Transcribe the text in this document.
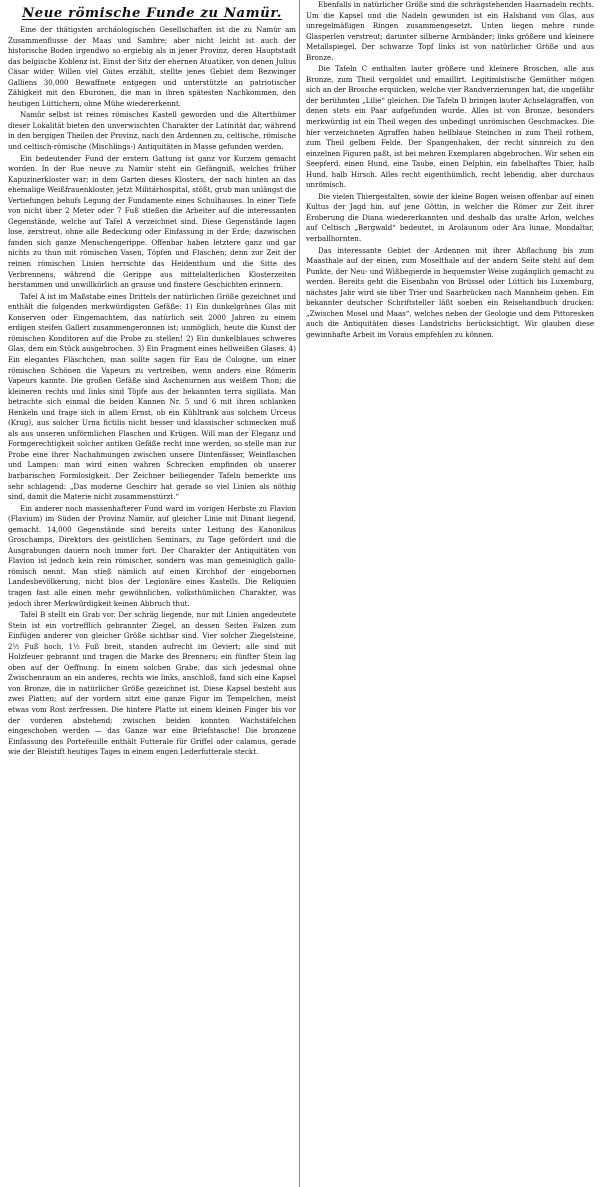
Neue römische Funde zu Namür.

Eine der thätigsten archäologischen Gesellschaften ist die zu Namür am Zusammenflusse der Maas und Sambre; aber nicht leicht ist auch der historische Boden irgendwo so ergiebig als in jener Provinz, deren Hauptstadt das belgische Koblenz ist. Einst der Sitz der ehernen Atuatiker, von denen Julius Cäsar wider Willen viel Gutes erzählt, stellte jenes Gebiet dem Bezwinger Galliens 30,000 Bewaffnete entgegen und unterstützte an patriotischer Zähigkeit mit den Eburonen, die man in ihren spätesten Nachkommen, den heutigen Lüttichern, ohne Mühe wiedererkennt.

Namür selbst ist reines römisches Kastell geworden und die Alterthümer dieser Lokalität bieten den unverwischten Charakter der Latinität dar, während in den bergigen Theilen der Provinz, nach den Ardennen zu, celtische, römische und celtisch-römische (Mischlings-) Antiquitäten in Masse gefunden werden.

Ein bedeutender Fund der erstern Gattung ist ganz vor Kurzem gemacht worden. In der Rue neuve zu Namür steht ein Gefängniß, welches früher Kapuzinerkloster war; in dem Garten dieses Klosters, der nach hinten an das ehemalige Weißfrauenkloster, jetzt Militärhospital, stößt, grub man unlängst die Vertiefungen behufs Legung der Fundamente eines Schulhauses. In einer Tiefe von nicht über 2 Meter oder 7 Fuß stießen die Arbeiter auf die interessanten Gegenstände, welche auf Tafel A verzeichnet sind. Diese Gegenstände lagen lose, zerstreut, ohne alle Bedeckung oder Einfassung in der Erde; dazwischen fanden sich ganze Menschengerippe. Offenbar haben letztere ganz und gar nichts zu thun mit römischen Vasen, Töpfen und Flaschen; denn zur Zeit der reinen römischen Linien herrschte das Heidenthum und die Sitte des Verbrennens, während die Gerippe aus mittelalterlichen Klosterzeiten herstammen und unwillkürlich an grause und finstere Geschichten erinnern.

Tafel A ist im Maßstabe eines Drittels der natürlichen Größe gezeichnet und enthält die folgenden merkwürdigsten Gefäße: 1) Ein dunkelgrünes Glas mit Konserven oder Eingemachtem, das natürlich seit 2000 Jahren zu einem erdigen steifen Gallert zusammengeronnen ist; unmöglich, heute die Kunst der römischen Konditoren auf die Probe zu stellen! 2) Ein dunkelblaues schweres Glas, dem ein Stück ausgebrochen. 3) Ein Fragment eines hellweißen Glases. 4) Ein elegantes Fläschchen, man sollte sagen für Eau de Cologne, um einer römischen Schönen die Vapeurs zu vertreiben, wenn anders eine Römerin Vapeurs kannte. Die großen Gefäße sind Aschenurnen aus weißem Thon; die kleineren rechts und links sind Töpfe aus der bekannten terra sigillata. Man betrachte sich einmal die beiden Kannen Nr. 5 und 6 mit ihren schlanken Henkeln und frage sich in allem Ernst, ob ein Kühltrank aus solchem Urceus (Krug), aus solcher Urna fictilis nicht besser und klassischer schmecken muß als aus unseren unförmlichen Flaschen und Krügen. Will man der Eleganz und Formgerechtigkeit solcher antiken Gefäße recht inne werden, so stelle man zur Probe eine ihrer Nachahmungen zwischen unsere Dintenfässer, Weinflaschen und Lampen: man wird einen wahren Schrecken empfinden ob unserer barbarischen Formlosigkeit. Der Zeichner beiliegender Tafeln bemerkte uns sehr schlagend: „Das moderne Geschirr hat gerade so viel Linien als nöthig sind, damit die Materie nicht zusammenstürzt.“

Ein anderer noch massenhafterer Fund ward im vorigen Herbste zu Flavion (Flavium) im Süden der Provinz Namür, auf gleicher Linie mit Dinant liegend, gemacht. 14,000 Gegenstände sind bereits unter Leitung des Kanonikus Groschamps, Direktors des geistlichen Seminars, zu Tage gefördert und die Ausgrabungen dauern noch immer fort. Der Charakter der Antiquitäten von Flavion ist jedoch kein rein römischer, sondern was man gemeiniglich gallo-römisch nennt. Man stieß nämlich auf einen Kirchhof der eingebornen Landesbevölkerung, nicht blos der Legionäre eines Kastells. Die Reliquien tragen fast alle einen mehr gewöhnlichen, volksthümlichen Charakter, was jedoch ihrer Merkwürdigkeit keinen Abbruch thut.

Tafel B stellt ein Grab vor. Der schräg liegende, nur mit Linien angedeutete Stein ist ein vortrefflich gebrannter Ziegel, an dessen Seiten Falzen zum Einfügen anderer von gleicher Größe sichtbar sind. Vier solcher Ziegelsteine, 2½ Fuß hoch, 1½ Fuß breit, standen aufrecht im Geviert; alle sind mit Holzfeuer gebrannt und tragen die Marke des Brenners; ein fünfter Stein lag oben auf der Oeffnung. In einem solchen Grabe, das sich jedesmal ohne Zwischenraum an ein anderes, rechts wie links, anschloß, fand sich eine Kapsel von Bronze, die in natürlicher Größe gezeichnet ist. Diese Kapsel besteht aus zwei Platten; auf der vordern sitzt eine ganze Figur im Tempelchen, meist etwas vom Rost zerfressen. Die hintere Platte ist einem kleinen Finger bis vor der vorderen abstehend; zwischen beiden konnten Wachstäfelchen eingeschoben werden — das Ganze war eine Briefstasche! Die bronzene Einfassung des Portefeuille enthält Futterale für Griffel oder calamus, gerade wie der Bleistift heutiges Tages in einem engen Lederfutterale steckt.

Ebenfalls in natürlicher Größe sind die schrägstehenden Haarnadeln rechts. Um die Kapsel und die Nadeln gewunden ist ein Halsband von Glas, aus unregelmäßigen Ringen zusammengesetzt. Unten liegen mehre runde Glasperlen verstreut; darunter silberne Armbänder; links größere und kleinere Metallspiegel. Der schwarze Topf links ist von natürlicher Größe und aus Bronze.

Die Tafeln C enthalten lauter größere und kleinere Broschen, alle aus Bronze, zum Theil vergoldet und emaillirt. Legitimistische Gemüther mögen sich an der Brosche erquicken, welche vier Randverzierungen hat, die ungefähr der berühmten „Lilie“ gleichen. Die Tafeln D bringen lauter Achselagraffen, von denen stets ein Paar aufgefunden wurde. Alles ist von Bronze, besonders merkwürdig ist ein Theil wegen des unbedingt unrömischen Geschmackes. Die hier verzeichneten Agraffen haben hellblaue Steinchen in zum Theil rothem, zum Theil gelbem Felde. Der Spangenhaken, der recht sinnreich zu den einzelnen Figuren paßt, ist bei mehren Exemplaren abgebrochen. Wir sehen ein Seepferd, einen Hund, eine Taube, einen Delphin, ein fabelhaftes Thier, halb Hund, halb Hirsch. Alles recht eigenthümlich, recht lebendig, aber durchaus unrömisch.

Die vielen Thiergestalten, sowie der kleine Bogen weisen offenbar auf einen Kultus der Jagd hin, auf jene Göttin, in welcher die Römer zur Zeit ihrer Eroberung die Diana wiedererkannten und deshalb das uralte Arlon, welches auf Celtisch „Bergwald“ bedeutet, in Arolaunum oder Ara lunae, Mondaltar, verballhornten.

Das interessante Gebiet der Ardennen mit ihrer Abflachung bis zum Maasthale auf der einen, zum Moselthale auf der andern Seite steht auf dem Punkte, der Neu- und Wißbegierde in bequemster Weise zugänglich gemacht zu werden. Bereits geht die Eisenbahn von Brüssel oder Lüttich bis Luxemburg, nächstes Jahr wird sie über Trier und Saarbrücken nach Mannheim gehen. Ein bekannter deutscher Schriftsteller läßt soeben ein Reisehandbuch drucken: „Zwischen Mosel und Maas“, welches neben der Geologie und dem Pittoresken auch die Antiquitäten dieses Landstrichs berücksichtigt. Wir glauben diese gewinnhafte Arbeit im Voraus empfehlen zu können.
